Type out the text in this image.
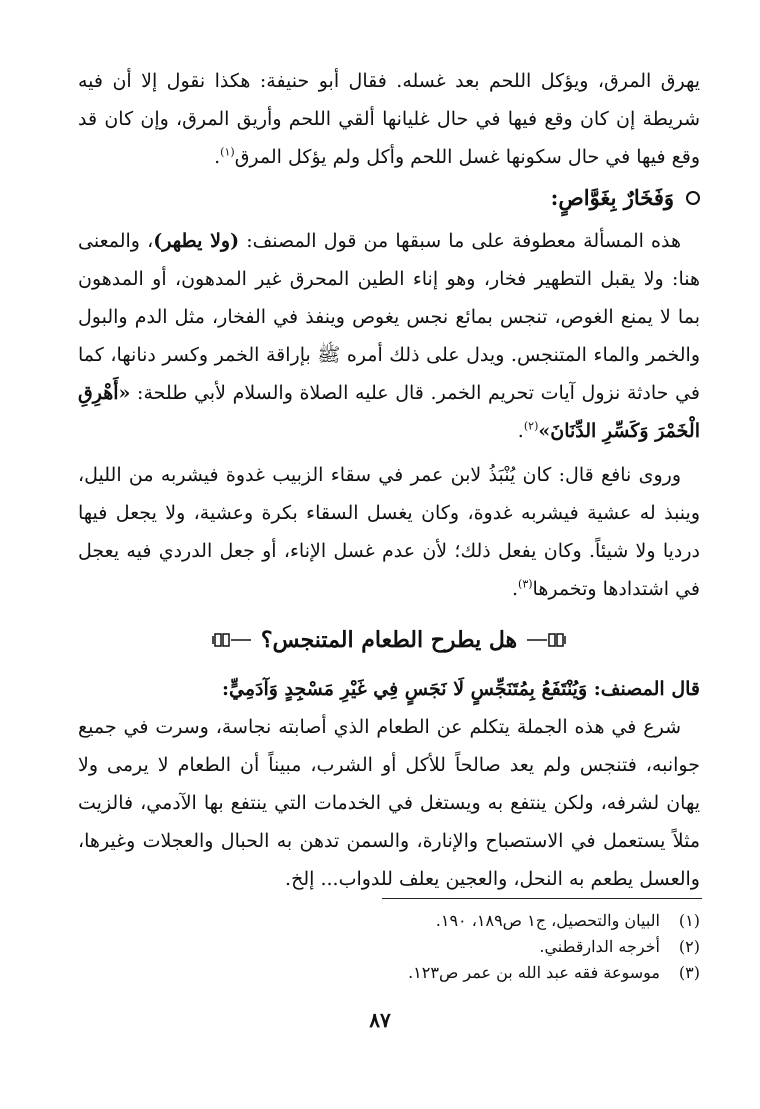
يهرق المرق، ويؤكل اللحم بعد غسله. فقال أبو حنيفة: هكذا نقول إلا أن فيه شريطة إن كان وقع فيها في حال غليانها ألقي اللحم وأريق المرق، وإن كان قد وقع فيها في حال سكونها غسل اللحم وأكل ولم يؤكل المرق$^{(١)}$.

وَفَخَارٌ بِغَوَّاصٍ:

 هذه المسألة معطوفة على ما سبقها من قول المصنف: (ولا يطهر)، والمعنى هنا: ولا يقبل التطهير فخار، وهو إناء الطين المحرق غير المدهون، أو المدهون بما لا يمنع الغوص، تنجس بمائع نجس يغوص وينفذ في الفخار، مثل الدم والبول والخمر والماء المتنجس. ويدل على ذلك أمره ﷺ بإراقة الخمر وكسر دنانها، كما في حادثة نزول آيات تحريم الخمر. قال عليه الصلاة والسلام لأبي طلحة: «أَهْرِقِ الْخَمْرَ وَكَسِّرِ الدِّنَانَ»$^{(٢)}$.

 وروى نافع قال: كان يُنْبَذُ لابن عمر في سقاء الزبيب غدوة فيشربه من الليل، وينبذ له عشية فيشربه غدوة، وكان يغسل السقاء بكرة وعشية، ولا يجعل فيها درديا ولا شيئاً. وكان يفعل ذلك؛ لأن عدم غسل الإناء، أو جعل الدردي فيه يعجل في اشتدادها وتخمرها$^{(٣)}$.

هل يطرح الطعام المتنجس؟

قال المصنف: وَيُنْتَفَعُ بِمُتَنَجِّسٍ لَا نَجَسٍ فِي غَيْرِ مَسْجِدٍ وَآدَمِيٍّ:

 شرع في هذه الجملة يتكلم عن الطعام الذي أصابته نجاسة، وسرت في جميع جوانبه، فتنجس ولم يعد صالحاً للأكل أو الشرب، مبيناً أن الطعام لا يرمى ولا يهان لشرفه، ولكن ينتفع به ويستغل في الخدمات التي ينتفع بها الآدمي، فالزيت مثلاً يستعمل في الاستصباح والإنارة، والسمن تدهن به الحبال والعجلات وغيرها، والعسل يطعم به النحل، والعجين يعلف للدواب... إلخ.

(١)
البيان والتحصيل، ج١ ص١٨٩، ١٩٠.
(٢)
أخرجه الدارقطني.
(٣)
موسوعة فقه عبد الله بن عمر ص١٢٣.
٨٧
